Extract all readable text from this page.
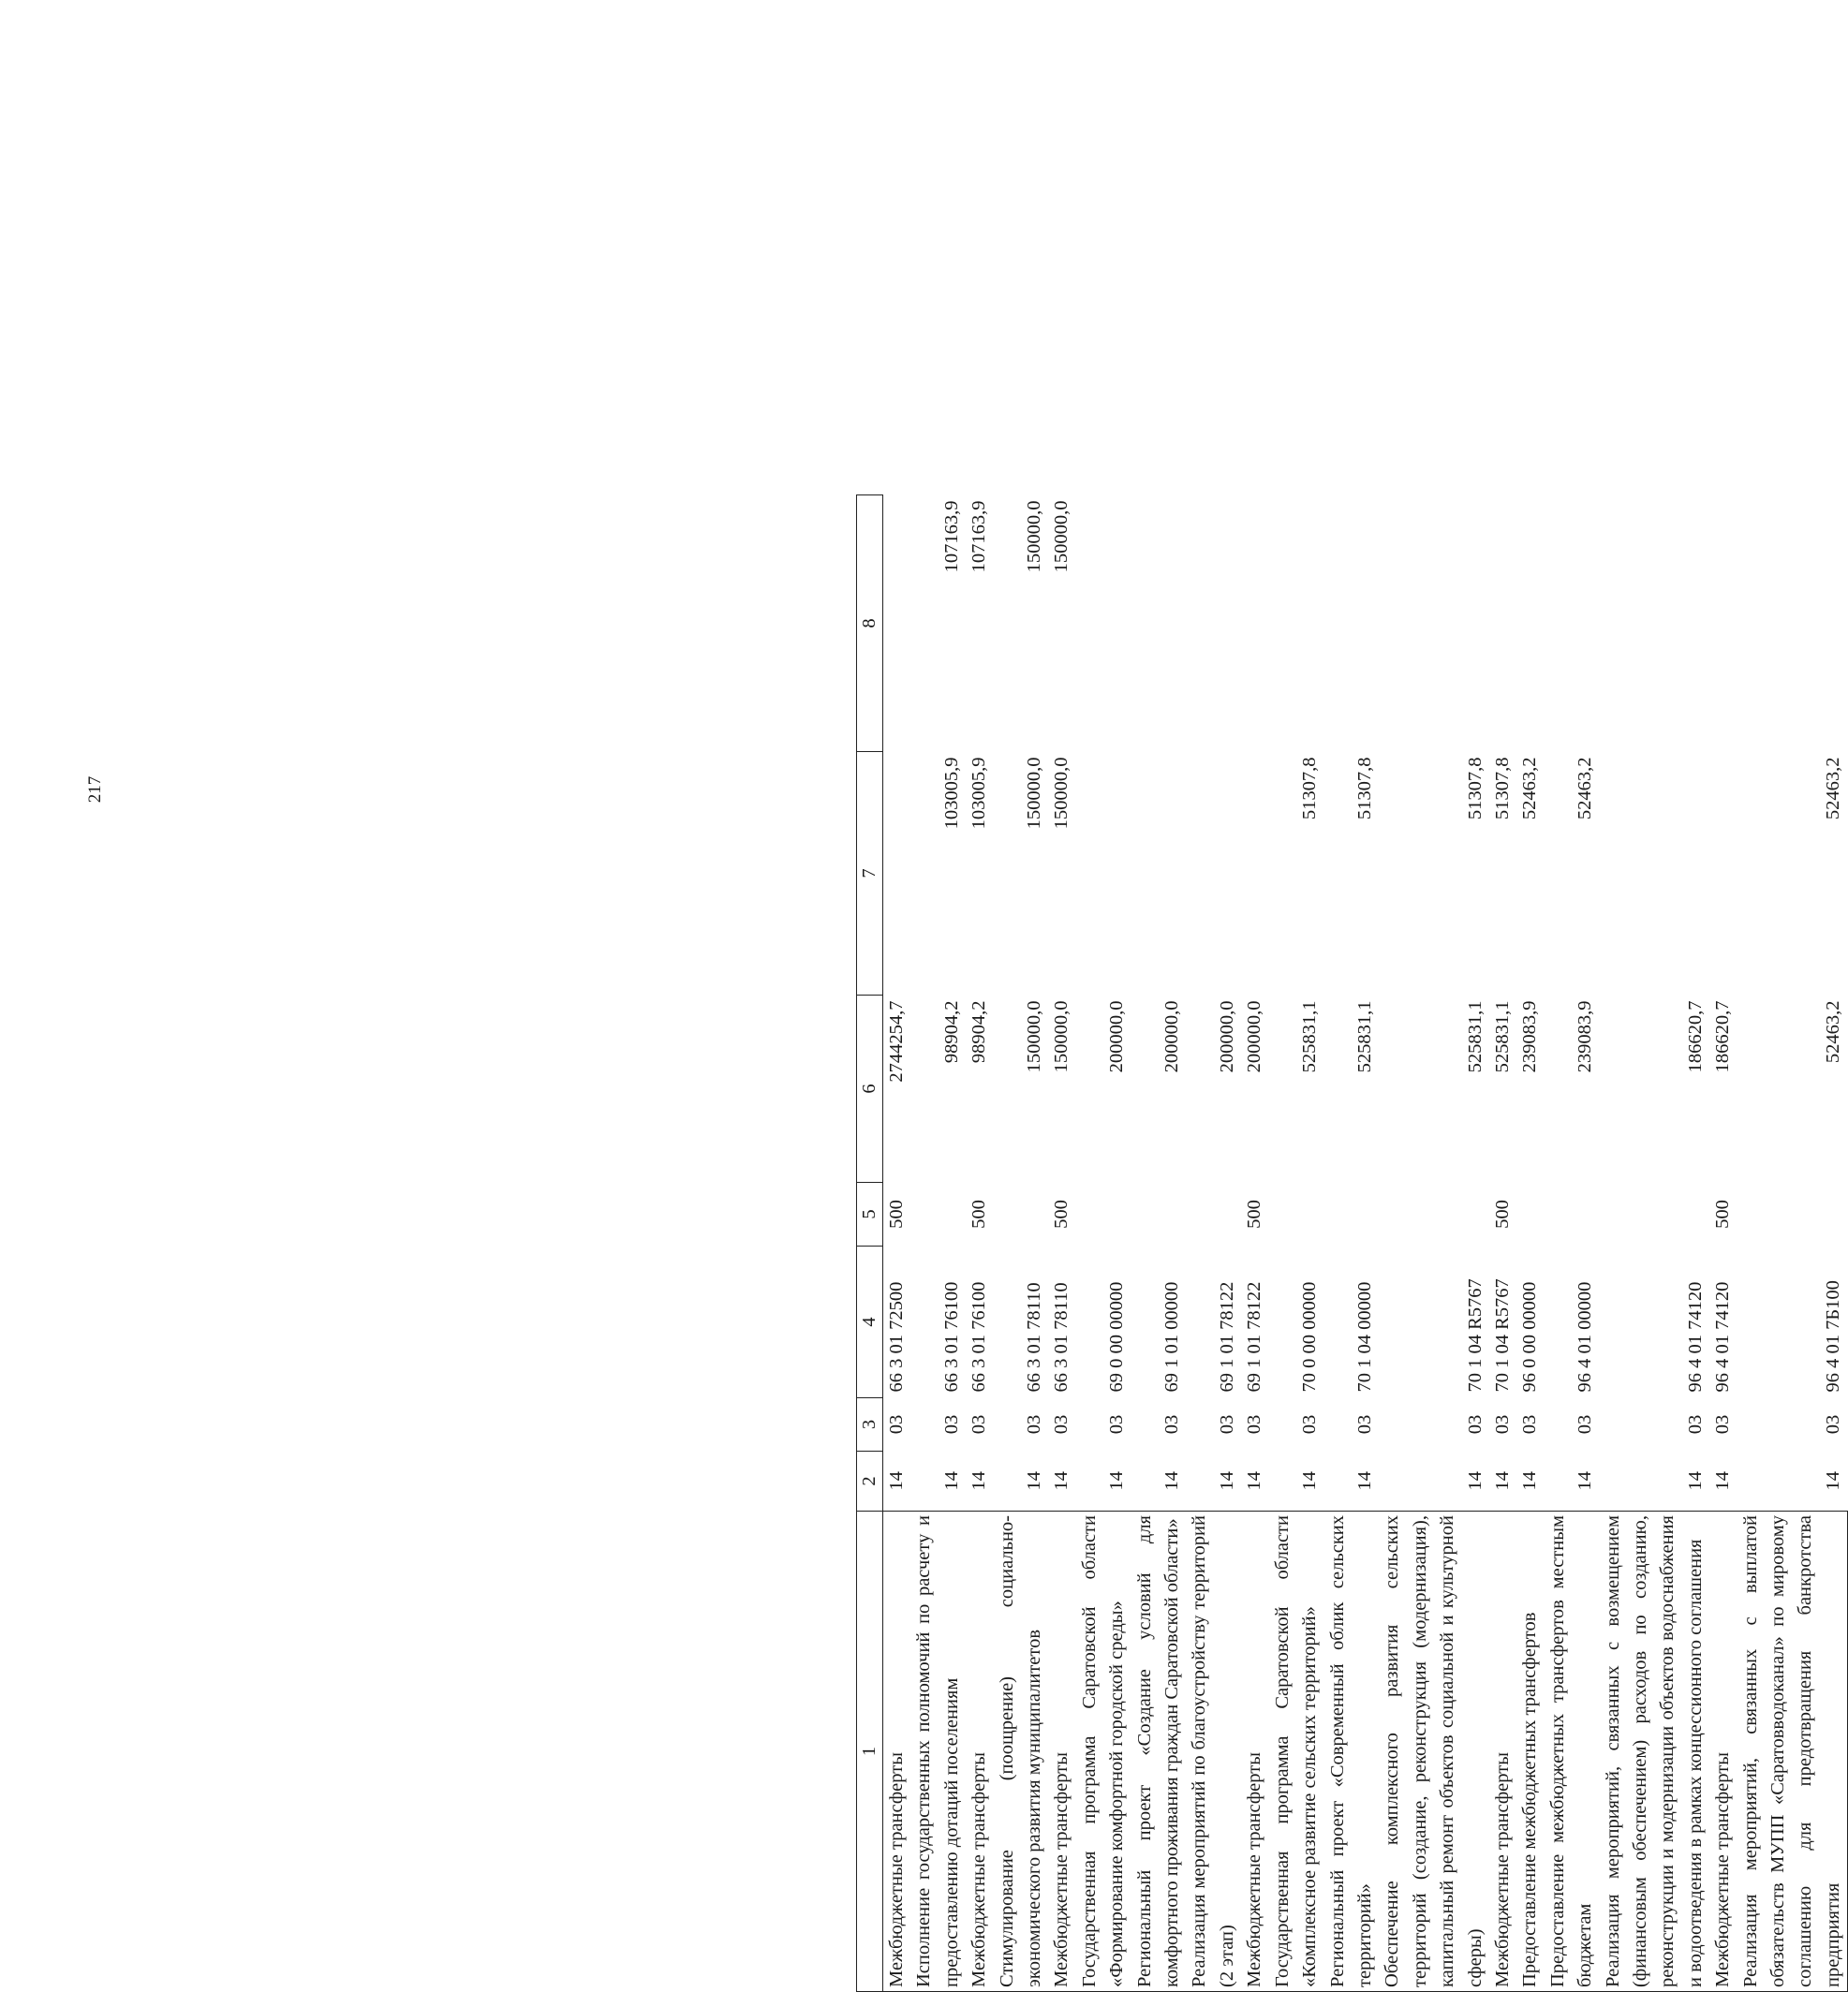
217
1	2	3	4	5	6	7	8
Межбюджетные трансферты	14	03	66 3 01 72500	500	2744254,7		
Исполнение государственных полномочий по расчету и предоставлению дотаций поселениям	14	03	66 3 01 76100		98904,2	103005,9	107163,9
Межбюджетные трансферты	14	03	66 3 01 76100	500	98904,2	103005,9	107163,9
Стимулирование (поощрение) социально-экономического развития муниципалитетов	14	03	66 3 01 78110		150000,0	150000,0	150000,0
Межбюджетные трансферты	14	03	66 3 01 78110	500	150000,0	150000,0	150000,0
Государственная программа Саратовской области «Формирование комфортной городской среды»	14	03	69 0 00 00000		200000,0		
Региональный проект «Создание условий для комфортного проживания граждан Саратовской области»	14	03	69 1 01 00000		200000,0		
Реализация мероприятий по благоустройству территорий (2 этап)	14	03	69 1 01 78122		200000,0		
Межбюджетные трансферты	14	03	69 1 01 78122	500	200000,0		
Государственная программа Саратовской области «Комплексное развитие сельских территорий»	14	03	70 0 00 00000		525831,1	51307,8	
Региональный проект «Современный облик сельских территорий»	14	03	70 1 04 00000		525831,1	51307,8	
Обеспечение комплексного развития сельских территорий (создание, реконструкция (модернизация), капитальный ремонт объектов социальной и культурной сферы)	14	03	70 1 04 R5767		525831,1	51307,8	
Межбюджетные трансферты	14	03	70 1 04 R5767	500	525831,1	51307,8	
Предоставление межбюджетных трансфертов	14	03	96 0 00 00000		239083,9	52463,2	
Предоставление межбюджетных трансфертов местным бюджетам	14	03	96 4 01 00000		239083,9	52463,2	
Реализация мероприятий, связанных с возмещением (финансовым обеспечением) расходов по созданию, реконструкции и модернизации объектов водоснабжения и водоотведения в рамках концессионного соглашения	14	03	96 4 01 74120		186620,7		
Межбюджетные трансферты	14	03	96 4 01 74120	500	186620,7		
Реализация мероприятий, связанных с выплатой обязательств МУПП «Саратовводоканал» по мировому соглашению для предотвращения банкротства предприятия	14	03	96 4 01 7Б100		52463,2	52463,2	
